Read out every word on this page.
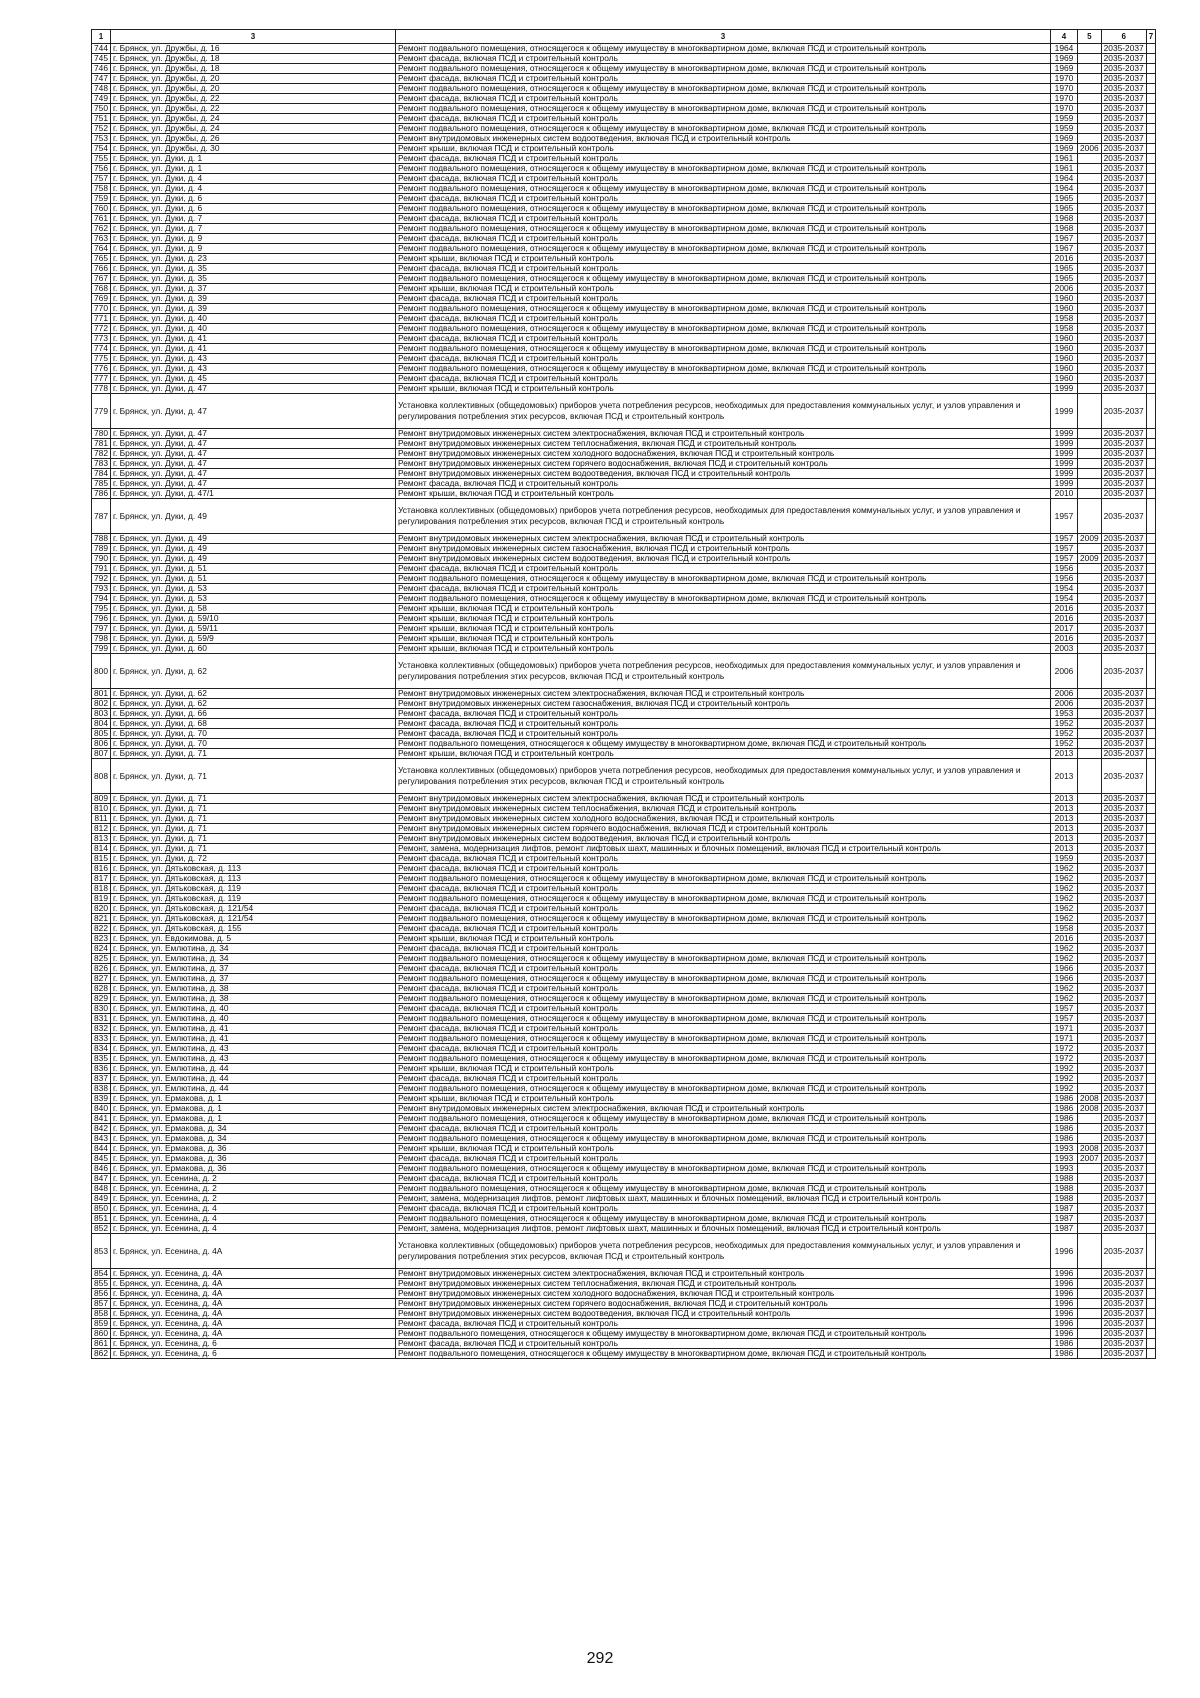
1	3	3	4	5	6	7
744	г. Брянск, ул. Дружбы, д. 16	Ремонт подвального помещения, относящегося к общему имуществу в многоквартирном доме, включая ПСД и строительный контроль	1964		2035-2037	
745	г. Брянск, ул. Дружбы, д. 18	Ремонт фасада, включая ПСД и строительный контроль	1969		2035-2037	
746	г. Брянск, ул. Дружбы, д. 18	Ремонт подвального помещения, относящегося к общему имуществу в многоквартирном доме, включая ПСД и строительный контроль	1969		2035-2037	
747	г. Брянск, ул. Дружбы, д. 20	Ремонт фасада, включая ПСД и строительный контроль	1970		2035-2037	
748	г. Брянск, ул. Дружбы, д. 20	Ремонт подвального помещения, относящегося к общему имуществу в многоквартирном доме, включая ПСД и строительный контроль	1970		2035-2037	
749	г. Брянск, ул. Дружбы, д. 22	Ремонт фасада, включая ПСД и строительный контроль	1970		2035-2037	
750	г. Брянск, ул. Дружбы, д. 22	Ремонт подвального помещения, относящегося к общему имуществу в многоквартирном доме, включая ПСД и строительный контроль	1970		2035-2037	
751	г. Брянск, ул. Дружбы, д. 24	Ремонт фасада, включая ПСД и строительный контроль	1959		2035-2037	
752	г. Брянск, ул. Дружбы, д. 24	Ремонт подвального помещения, относящегося к общему имуществу в многоквартирном доме, включая ПСД и строительный контроль	1959		2035-2037	
753	г. Брянск, ул. Дружбы, д. 26	Ремонт внутридомовых инженерных систем водоотведения, включая ПСД и строительный контроль	1969		2035-2037	
754	г. Брянск, ул. Дружбы, д. 30	Ремонт крыши, включая ПСД и строительный контроль	1969	2006	2035-2037	
755	г. Брянск, ул. Дуки, д. 1	Ремонт фасада, включая ПСД и строительный контроль	1961		2035-2037	
756	г. Брянск, ул. Дуки, д. 1	Ремонт подвального помещения, относящегося к общему имуществу в многоквартирном доме, включая ПСД и строительный контроль	1961		2035-2037	
757	г. Брянск, ул. Дуки, д. 4	Ремонт фасада, включая ПСД и строительный контроль	1964		2035-2037	
758	г. Брянск, ул. Дуки, д. 4	Ремонт подвального помещения, относящегося к общему имуществу в многоквартирном доме, включая ПСД и строительный контроль	1964		2035-2037	
759	г. Брянск, ул. Дуки, д. 6	Ремонт фасада, включая ПСД и строительный контроль	1965		2035-2037	
760	г. Брянск, ул. Дуки, д. 6	Ремонт подвального помещения, относящегося к общему имуществу в многоквартирном доме, включая ПСД и строительный контроль	1965		2035-2037	
761	г. Брянск, ул. Дуки, д. 7	Ремонт фасада, включая ПСД и строительный контроль	1968		2035-2037	
762	г. Брянск, ул. Дуки, д. 7	Ремонт подвального помещения, относящегося к общему имуществу в многоквартирном доме, включая ПСД и строительный контроль	1968		2035-2037	
763	г. Брянск, ул. Дуки, д. 9	Ремонт фасада, включая ПСД и строительный контроль	1967		2035-2037	
764	г. Брянск, ул. Дуки, д. 9	Ремонт подвального помещения, относящегося к общему имуществу в многоквартирном доме, включая ПСД и строительный контроль	1967		2035-2037	
765	г. Брянск, ул. Дуки, д. 23	Ремонт крыши, включая ПСД и строительный контроль	2016		2035-2037	
766	г. Брянск, ул. Дуки, д. 35	Ремонт фасада, включая ПСД и строительный контроль	1965		2035-2037	
767	г. Брянск, ул. Дуки, д. 35	Ремонт подвального помещения, относящегося к общему имуществу в многоквартирном доме, включая ПСД и строительный контроль	1965		2035-2037	
768	г. Брянск, ул. Дуки, д. 37	Ремонт крыши, включая ПСД и строительный контроль	2006		2035-2037	
769	г. Брянск, ул. Дуки, д. 39	Ремонт фасада, включая ПСД и строительный контроль	1960		2035-2037	
770	г. Брянск, ул. Дуки, д. 39	Ремонт подвального помещения, относящегося к общему имуществу в многоквартирном доме, включая ПСД и строительный контроль	1960		2035-2037	
771	г. Брянск, ул. Дуки, д. 40	Ремонт фасада, включая ПСД и строительный контроль	1958		2035-2037	
772	г. Брянск, ул. Дуки, д. 40	Ремонт подвального помещения, относящегося к общему имуществу в многоквартирном доме, включая ПСД и строительный контроль	1958		2035-2037	
773	г. Брянск, ул. Дуки, д. 41	Ремонт фасада, включая ПСД и строительный контроль	1960		2035-2037	
774	г. Брянск, ул. Дуки, д. 41	Ремонт подвального помещения, относящегося к общему имуществу в многоквартирном доме, включая ПСД и строительный контроль	1960		2035-2037	
775	г. Брянск, ул. Дуки, д. 43	Ремонт фасада, включая ПСД и строительный контроль	1960		2035-2037	
776	г. Брянск, ул. Дуки, д. 43	Ремонт подвального помещения, относящегося к общему имуществу в многоквартирном доме, включая ПСД и строительный контроль	1960		2035-2037	
777	г. Брянск, ул. Дуки, д. 45	Ремонт фасада, включая ПСД и строительный контроль	1960		2035-2037	
778	г. Брянск, ул. Дуки, д. 47	Ремонт крыши, включая ПСД и строительный контроль	1999		2035-2037	
779	г. Брянск, ул. Дуки, д. 47	Установка коллективных (общедомовых) приборов учета потребления ресурсов, необходимых для предоставления коммунальных услуг, и узлов управления и регулирования потребления этих ресурсов, включая ПСД и строительный контроль	1999		2035-2037	
780	г. Брянск, ул. Дуки, д. 47	Ремонт внутридомовых инженерных систем электроснабжения, включая ПСД и строительный контроль	1999		2035-2037	
781	г. Брянск, ул. Дуки, д. 47	Ремонт внутридомовых инженерных систем теплоснабжения, включая ПСД и строительный контроль	1999		2035-2037	
782	г. Брянск, ул. Дуки, д. 47	Ремонт внутридомовых инженерных систем холодного водоснабжения, включая ПСД и строительный контроль	1999		2035-2037	
783	г. Брянск, ул. Дуки, д. 47	Ремонт внутридомовых инженерных систем горячего водоснабжения, включая ПСД и строительный контроль	1999		2035-2037	
784	г. Брянск, ул. Дуки, д. 47	Ремонт внутридомовых инженерных систем водоотведения, включая ПСД и строительный контроль	1999		2035-2037	
785	г. Брянск, ул. Дуки, д. 47	Ремонт фасада, включая ПСД и строительный контроль	1999		2035-2037	
786	г. Брянск, ул. Дуки, д. 47/1	Ремонт крыши, включая ПСД и строительный контроль	2010		2035-2037	
787	г. Брянск, ул. Дуки, д. 49	Установка коллективных (общедомовых) приборов учета потребления ресурсов, необходимых для предоставления коммунальных услуг, и узлов управления и регулирования потребления этих ресурсов, включая ПСД и строительный контроль	1957		2035-2037	
788	г. Брянск, ул. Дуки, д. 49	Ремонт внутридомовых инженерных систем электроснабжения, включая ПСД и строительный контроль	1957	2009	2035-2037	
789	г. Брянск, ул. Дуки, д. 49	Ремонт внутридомовых инженерных систем газоснабжения, включая ПСД и строительный контроль	1957		2035-2037	
790	г. Брянск, ул. Дуки, д. 49	Ремонт внутридомовых инженерных систем водоотведения, включая ПСД и строительный контроль	1957	2009	2035-2037	
791	г. Брянск, ул. Дуки, д. 51	Ремонт фасада, включая ПСД и строительный контроль	1956		2035-2037	
792	г. Брянск, ул. Дуки, д. 51	Ремонт подвального помещения, относящегося к общему имуществу в многоквартирном доме, включая ПСД и строительный контроль	1956		2035-2037	
793	г. Брянск, ул. Дуки, д. 53	Ремонт фасада, включая ПСД и строительный контроль	1954		2035-2037	
794	г. Брянск, ул. Дуки, д. 53	Ремонт подвального помещения, относящегося к общему имуществу в многоквартирном доме, включая ПСД и строительный контроль	1954		2035-2037	
795	г. Брянск, ул. Дуки, д. 58	Ремонт крыши, включая ПСД и строительный контроль	2016		2035-2037	
796	г. Брянск, ул. Дуки, д. 59/10	Ремонт крыши, включая ПСД и строительный контроль	2016		2035-2037	
797	г. Брянск, ул. Дуки, д. 59/11	Ремонт крыши, включая ПСД и строительный контроль	2017		2035-2037	
798	г. Брянск, ул. Дуки, д. 59/9	Ремонт крыши, включая ПСД и строительный контроль	2016		2035-2037	
799	г. Брянск, ул. Дуки, д. 60	Ремонт крыши, включая ПСД и строительный контроль	2003		2035-2037	
800	г. Брянск, ул. Дуки, д. 62	Установка коллективных (общедомовых) приборов учета потребления ресурсов, необходимых для предоставления коммунальных услуг, и узлов управления и регулирования потребления этих ресурсов, включая ПСД и строительный контроль	2006		2035-2037	
801	г. Брянск, ул. Дуки, д. 62	Ремонт внутридомовых инженерных систем электроснабжения, включая ПСД и строительный контроль	2006		2035-2037	
802	г. Брянск, ул. Дуки, д. 62	Ремонт внутридомовых инженерных систем газоснабжения, включая ПСД и строительный контроль	2006		2035-2037	
803	г. Брянск, ул. Дуки, д. 66	Ремонт фасада, включая ПСД и строительный контроль	1953		2035-2037	
804	г. Брянск, ул. Дуки, д. 68	Ремонт фасада, включая ПСД и строительный контроль	1952		2035-2037	
805	г. Брянск, ул. Дуки, д. 70	Ремонт фасада, включая ПСД и строительный контроль	1952		2035-2037	
806	г. Брянск, ул. Дуки, д. 70	Ремонт подвального помещения, относящегося к общему имуществу в многоквартирном доме, включая ПСД и строительный контроль	1952		2035-2037	
807	г. Брянск, ул. Дуки, д. 71	Ремонт крыши, включая ПСД и строительный контроль	2013		2035-2037	
808	г. Брянск, ул. Дуки, д. 71	Установка коллективных (общедомовых) приборов учета потребления ресурсов, необходимых для предоставления коммунальных услуг, и узлов управления и регулирования потребления этих ресурсов, включая ПСД и строительный контроль	2013		2035-2037	
809	г. Брянск, ул. Дуки, д. 71	Ремонт внутридомовых инженерных систем электроснабжения, включая ПСД и строительный контроль	2013		2035-2037	
810	г. Брянск, ул. Дуки, д. 71	Ремонт внутридомовых инженерных систем теплоснабжения, включая ПСД и строительный контроль	2013		2035-2037	
811	г. Брянск, ул. Дуки, д. 71	Ремонт внутридомовых инженерных систем холодного водоснабжения, включая ПСД и строительный контроль	2013		2035-2037	
812	г. Брянск, ул. Дуки, д. 71	Ремонт внутридомовых инженерных систем горячего водоснабжения, включая ПСД и строительный контроль	2013		2035-2037	
813	г. Брянск, ул. Дуки, д. 71	Ремонт внутридомовых инженерных систем водоотведения, включая ПСД и строительный контроль	2013		2035-2037	
814	г. Брянск, ул. Дуки, д. 71	Ремонт, замена, модернизация лифтов, ремонт лифтовых шахт, машинных и блочных помещений, включая ПСД и строительный контроль	2013		2035-2037	
815	г. Брянск, ул. Дуки, д. 72	Ремонт фасада, включая ПСД и строительный контроль	1959		2035-2037	
816	г. Брянск, ул. Дятьковская, д. 113	Ремонт фасада, включая ПСД и строительный контроль	1962		2035-2037	
817	г. Брянск, ул. Дятьковская, д. 113	Ремонт подвального помещения, относящегося к общему имуществу в многоквартирном доме, включая ПСД и строительный контроль	1962		2035-2037	
818	г. Брянск, ул. Дятьковская, д. 119	Ремонт фасада, включая ПСД и строительный контроль	1962		2035-2037	
819	г. Брянск, ул. Дятьковская, д. 119	Ремонт подвального помещения, относящегося к общему имуществу в многоквартирном доме, включая ПСД и строительный контроль	1962		2035-2037	
820	г. Брянск, ул. Дятьковская, д. 121/54	Ремонт фасада, включая ПСД и строительный контроль	1962		2035-2037	
821	г. Брянск, ул. Дятьковская, д. 121/54	Ремонт подвального помещения, относящегося к общему имуществу в многоквартирном доме, включая ПСД и строительный контроль	1962		2035-2037	
822	г. Брянск, ул. Дятьковская, д. 155	Ремонт фасада, включая ПСД и строительный контроль	1958		2035-2037	
823	г. Брянск, ул. Евдокимова, д. 5	Ремонт крыши, включая ПСД и строительный контроль	2016		2035-2037	
824	г. Брянск, ул. Емлютина, д. 34	Ремонт фасада, включая ПСД и строительный контроль	1962		2035-2037	
825	г. Брянск, ул. Емлютина, д. 34	Ремонт подвального помещения, относящегося к общему имуществу в многоквартирном доме, включая ПСД и строительный контроль	1962		2035-2037	
826	г. Брянск, ул. Емлютина, д. 37	Ремонт фасада, включая ПСД и строительный контроль	1966		2035-2037	
827	г. Брянск, ул. Емлютина, д. 37	Ремонт подвального помещения, относящегося к общему имуществу в многоквартирном доме, включая ПСД и строительный контроль	1966		2035-2037	
828	г. Брянск, ул. Емлютина, д. 38	Ремонт фасада, включая ПСД и строительный контроль	1962		2035-2037	
829	г. Брянск, ул. Емлютина, д. 38	Ремонт подвального помещения, относящегося к общему имуществу в многоквартирном доме, включая ПСД и строительный контроль	1962		2035-2037	
830	г. Брянск, ул. Емлютина, д. 40	Ремонт фасада, включая ПСД и строительный контроль	1957		2035-2037	
831	г. Брянск, ул. Емлютина, д. 40	Ремонт подвального помещения, относящегося к общему имуществу в многоквартирном доме, включая ПСД и строительный контроль	1957		2035-2037	
832	г. Брянск, ул. Емлютина, д. 41	Ремонт фасада, включая ПСД и строительный контроль	1971		2035-2037	
833	г. Брянск, ул. Емлютина, д. 41	Ремонт подвального помещения, относящегося к общему имуществу в многоквартирном доме, включая ПСД и строительный контроль	1971		2035-2037	
834	г. Брянск, ул. Емлютина, д. 43	Ремонт фасада, включая ПСД и строительный контроль	1972		2035-2037	
835	г. Брянск, ул. Емлютина, д. 43	Ремонт подвального помещения, относящегося к общему имуществу в многоквартирном доме, включая ПСД и строительный контроль	1972		2035-2037	
836	г. Брянск, ул. Емлютина, д. 44	Ремонт крыши, включая ПСД и строительный контроль	1992		2035-2037	
837	г. Брянск, ул. Емлютина, д. 44	Ремонт фасада, включая ПСД и строительный контроль	1992		2035-2037	
838	г. Брянск, ул. Емлютина, д. 44	Ремонт подвального помещения, относящегося к общему имуществу в многоквартирном доме, включая ПСД и строительный контроль	1992		2035-2037	
839	г. Брянск, ул. Ермакова, д. 1	Ремонт крыши, включая ПСД и строительный контроль	1986	2008	2035-2037	
840	г. Брянск, ул. Ермакова, д. 1	Ремонт внутридомовых инженерных систем электроснабжения, включая ПСД и строительный контроль	1986	2008	2035-2037	
841	г. Брянск, ул. Ермакова, д. 1	Ремонт подвального помещения, относящегося к общему имуществу в многоквартирном доме, включая ПСД и строительный контроль	1986		2035-2037	
842	г. Брянск, ул. Ермакова, д. 34	Ремонт фасада, включая ПСД и строительный контроль	1986		2035-2037	
843	г. Брянск, ул. Ермакова, д. 34	Ремонт подвального помещения, относящегося к общему имуществу в многоквартирном доме, включая ПСД и строительный контроль	1986		2035-2037	
844	г. Брянск, ул. Ермакова, д. 36	Ремонт крыши, включая ПСД и строительный контроль	1993	2008	2035-2037	
845	г. Брянск, ул. Ермакова, д. 36	Ремонт фасада, включая ПСД и строительный контроль	1993	2007	2035-2037	
846	г. Брянск, ул. Ермакова, д. 36	Ремонт подвального помещения, относящегося к общему имуществу в многоквартирном доме, включая ПСД и строительный контроль	1993		2035-2037	
847	г. Брянск, ул. Есенина, д. 2	Ремонт фасада, включая ПСД и строительный контроль	1988		2035-2037	
848	г. Брянск, ул. Есенина, д. 2	Ремонт подвального помещения, относящегося к общему имуществу в многоквартирном доме, включая ПСД и строительный контроль	1988		2035-2037	
849	г. Брянск, ул. Есенина, д. 2	Ремонт, замена, модернизация лифтов, ремонт лифтовых шахт, машинных и блочных помещений, включая ПСД и строительный контроль	1988		2035-2037	
850	г. Брянск, ул. Есенина, д. 4	Ремонт фасада, включая ПСД и строительный контроль	1987		2035-2037	
851	г. Брянск, ул. Есенина, д. 4	Ремонт подвального помещения, относящегося к общему имуществу в многоквартирном доме, включая ПСД и строительный контроль	1987		2035-2037	
852	г. Брянск, ул. Есенина, д. 4	Ремонт, замена, модернизация лифтов, ремонт лифтовых шахт, машинных и блочных помещений, включая ПСД и строительный контроль	1987		2035-2037	
853	г. Брянск, ул. Есенина, д. 4А	Установка коллективных (общедомовых) приборов учета потребления ресурсов, необходимых для предоставления коммунальных услуг, и узлов управления и регулирования потребления этих ресурсов, включая ПСД и строительный контроль	1996		2035-2037	
854	г. Брянск, ул. Есенина, д. 4А	Ремонт внутридомовых инженерных систем электроснабжения, включая ПСД и строительный контроль	1996		2035-2037	
855	г. Брянск, ул. Есенина, д. 4А	Ремонт внутридомовых инженерных систем теплоснабжения, включая ПСД и строительный контроль	1996		2035-2037	
856	г. Брянск, ул. Есенина, д. 4А	Ремонт внутридомовых инженерных систем холодного водоснабжения, включая ПСД и строительный контроль	1996		2035-2037	
857	г. Брянск, ул. Есенина, д. 4А	Ремонт внутридомовых инженерных систем горячего водоснабжения, включая ПСД и строительный контроль	1996		2035-2037	
858	г. Брянск, ул. Есенина, д. 4А	Ремонт внутридомовых инженерных систем водоотведения, включая ПСД и строительный контроль	1996		2035-2037	
859	г. Брянск, ул. Есенина, д. 4А	Ремонт фасада, включая ПСД и строительный контроль	1996		2035-2037	
860	г. Брянск, ул. Есенина, д. 4А	Ремонт подвального помещения, относящегося к общему имуществу в многоквартирном доме, включая ПСД и строительный контроль	1996		2035-2037	
861	г. Брянск, ул. Есенина, д. 6	Ремонт фасада, включая ПСД и строительный контроль	1986		2035-2037	
862	г. Брянск, ул. Есенина, д. 6	Ремонт подвального помещения, относящегося к общему имуществу в многоквартирном доме, включая ПСД и строительный контроль	1986		2035-2037	
292
